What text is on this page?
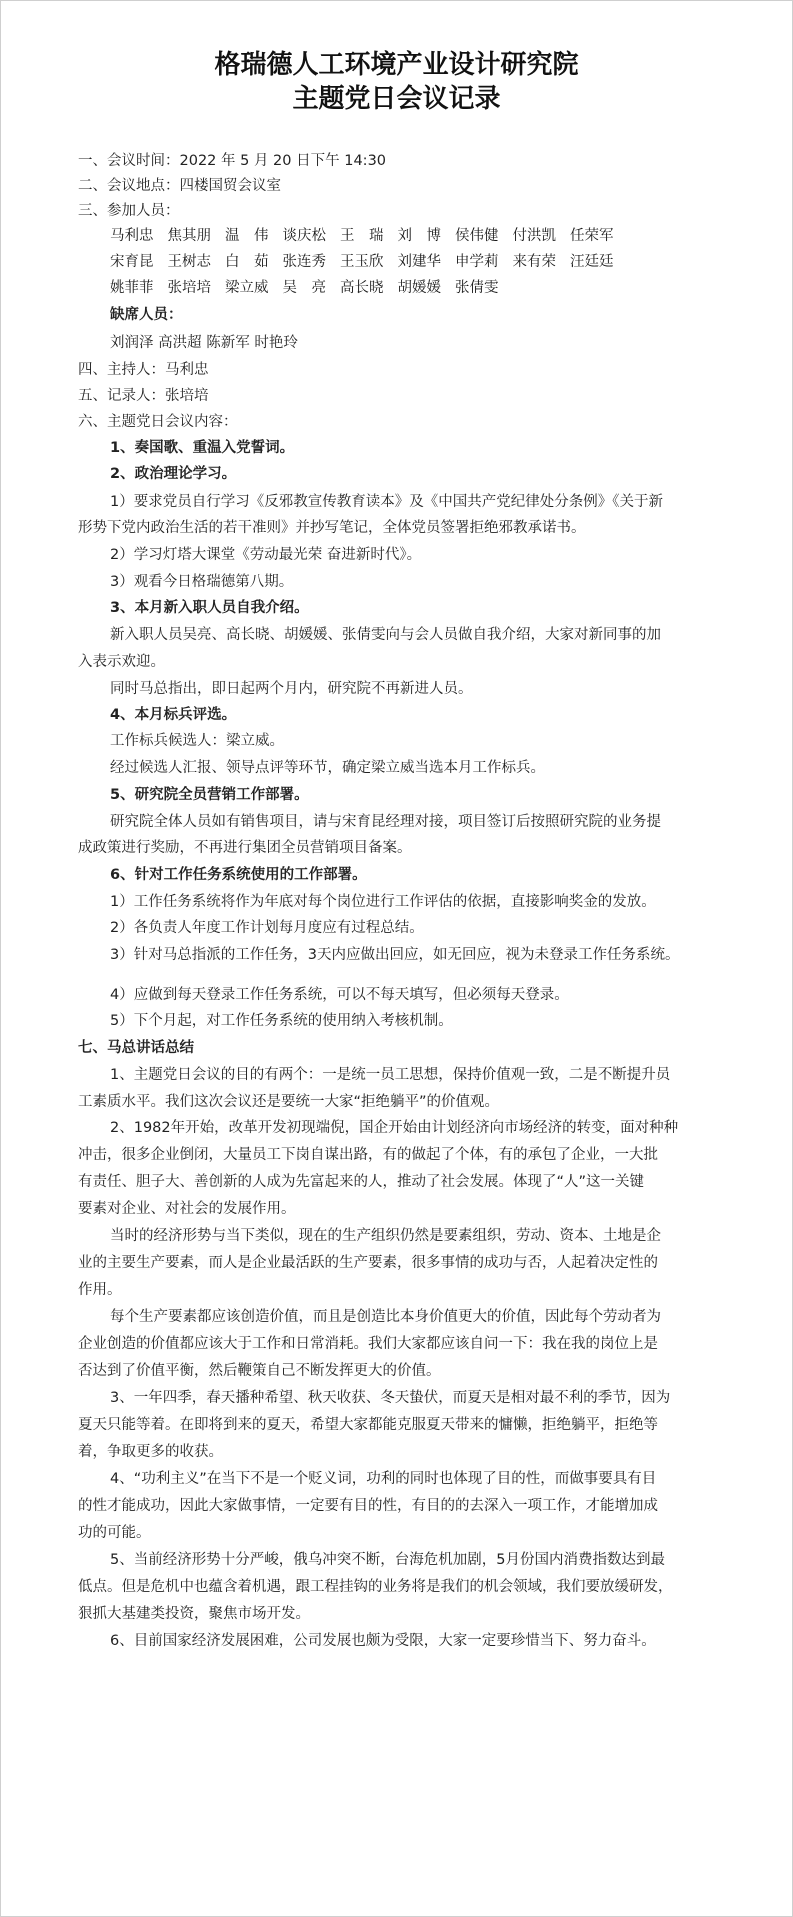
格瑞德人工环境产业设计研究院
主题党日会议记录
一、会议时间：2022 年 5 月 20 日下午 14:30
二、会议地点：四楼国贸会议室
三、参加人员：
马利忠 焦其朋 温　伟 谈庆松 王　瑞 刘　博 侯伟健 付洪凯 任荣军
宋育昆 王树志 白　茹 张连秀 王玉欣 刘建华 申学莉 来有荣 汪廷廷
姚菲菲 张培培 梁立威 吴　亮 高长晓 胡媛媛 张倩雯
缺席人员：
刘润泽 高洪超 陈新军 时艳玲
四、主持人：马利忠
五、记录人：张培培
六、主题党日会议内容：
1、奏国歌、重温入党誓词。
2、政治理论学习。
1）要求党员自行学习《反邪教宣传教育读本》及《中国共产党纪律处分条例》《关于新
形势下党内政治生活的若干准则》并抄写笔记，全体党员签署拒绝邪教承诺书。
2）学习灯塔大课堂《劳动最光荣 奋进新时代》。
3）观看今日格瑞德第八期。
3、本月新入职人员自我介绍。
新入职人员吴亮、高长晓、胡媛媛、张倩雯向与会人员做自我介绍，大家对新同事的加
入表示欢迎。
同时马总指出，即日起两个月内，研究院不再新进人员。
4、本月标兵评选。
工作标兵候选人：梁立威。
经过候选人汇报、领导点评等环节，确定梁立威当选本月工作标兵。
5、研究院全员营销工作部署。
研究院全体人员如有销售项目，请与宋育昆经理对接，项目签订后按照研究院的业务提
成政策进行奖励，不再进行集团全员营销项目备案。
6、针对工作任务系统使用的工作部署。
1）工作任务系统将作为年底对每个岗位进行工作评估的依据，直接影响奖金的发放。
2）各负责人年度工作计划每月度应有过程总结。
3）针对马总指派的工作任务，3天内应做出回应，如无回应，视为未登录工作任务系统。
4）应做到每天登录工作任务系统，可以不每天填写，但必须每天登录。
5）下个月起，对工作任务系统的使用纳入考核机制。
七、马总讲话总结
1、主题党日会议的目的有两个：一是统一员工思想，保持价值观一致，二是不断提升员
工素质水平。我们这次会议还是要统一大家“拒绝躺平”的价值观。
2、1982年开始，改革开发初现端倪，国企开始由计划经济向市场经济的转变，面对种种
冲击，很多企业倒闭，大量员工下岗自谋出路，有的做起了个体，有的承包了企业，一大批
有责任、胆子大、善创新的人成为先富起来的人，推动了社会发展。体现了“人”这一关键
要素对企业、对社会的发展作用。
当时的经济形势与当下类似，现在的生产组织仍然是要素组织，劳动、资本、土地是企
业的主要生产要素，而人是企业最活跃的生产要素，很多事情的成功与否，人起着决定性的
作用。
每个生产要素都应该创造价值，而且是创造比本身价值更大的价值，因此每个劳动者为
企业创造的价值都应该大于工作和日常消耗。我们大家都应该自问一下：我在我的岗位上是
否达到了价值平衡，然后鞭策自己不断发挥更大的价值。
3、一年四季，春天播种希望、秋天收获、冬天蛰伏，而夏天是相对最不利的季节，因为
夏天只能等着。在即将到来的夏天，希望大家都能克服夏天带来的慵懒，拒绝躺平，拒绝等
着，争取更多的收获。
4、“功利主义”在当下不是一个贬义词，功利的同时也体现了目的性，而做事要具有目
的性才能成功，因此大家做事情，一定要有目的性，有目的的去深入一项工作，才能增加成
功的可能。
5、当前经济形势十分严峻，俄乌冲突不断，台海危机加剧，5月份国内消费指数达到最
低点。但是危机中也蕴含着机遇，跟工程挂钩的业务将是我们的机会领域，我们要放缓研发，
狠抓大基建类投资，聚焦市场开发。
6、目前国家经济发展困难，公司发展也颇为受限，大家一定要珍惜当下、努力奋斗。
